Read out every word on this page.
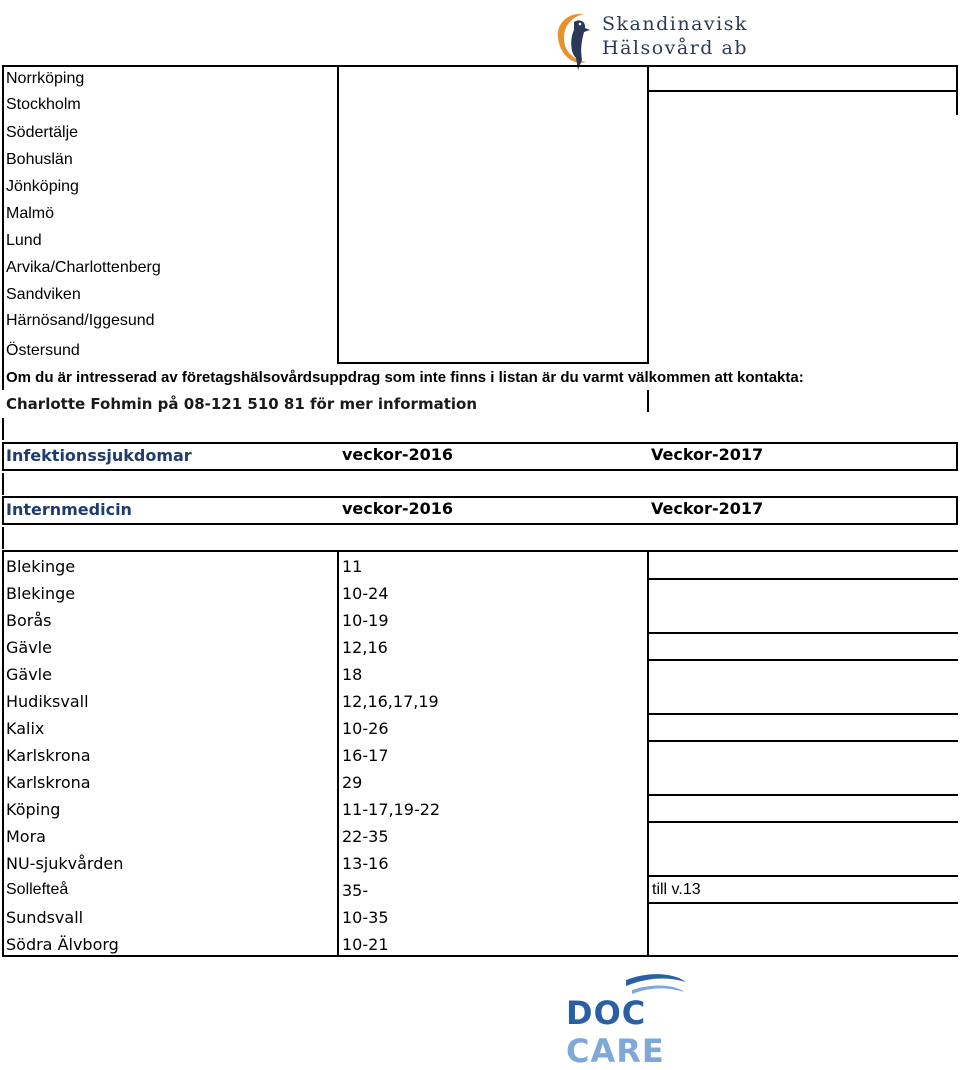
Skandinavisk
Hälsovård ab
Norrköping
Stockholm
Södertälje
Bohuslän
Jönköping
Malmö
Lund
Arvika/Charlottenberg
Sandviken
Härnösand/Iggesund
Östersund
Om du är intresserad av företagshälsovårdsuppdrag som inte finns i listan är du varmt välkommen att kontakta:
Charlotte Fohmin på 08-121 510 81 för mer information
Infektionssjukdomar	veckor-2016	Veckor-2017
Internmedicin	veckor-2016	Veckor-2017
Blekinge	11
Blekinge	10-24
Borås	10-19
Gävle	12,16
Gävle	18
Hudiksvall	12,16,17,19
Kalix	10-26
Karlskrona	16-17
Karlskrona	29
Köping	11-17,19-22
Mora	22-35
NU-sjukvården	13-16
Sollefteå	35-	till v.13
Sundsvall	10-35
Södra Älvborg	10-21
DOC CARE
